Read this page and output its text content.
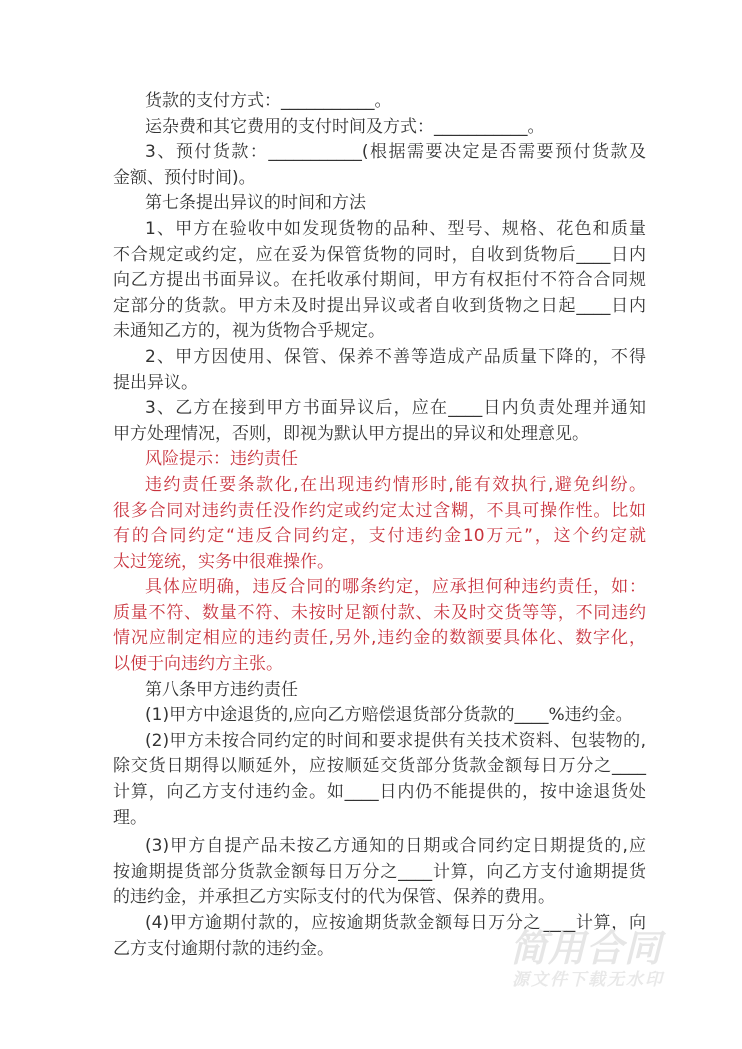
货款的支付方式：___________。
运杂费和其它费用的支付时间及方式：___________。
3、预付货款：___________(根据需要决定是否需要预付货款及
金额、预付时间)。
第七条提出异议的时间和方法
1、甲方在验收中如发现货物的品种、型号、规格、花色和质量
不合规定或约定，应在妥为保管货物的同时，自收到货物后____日内
向乙方提出书面异议。在托收承付期间，甲方有权拒付不符合合同规
定部分的货款。甲方未及时提出异议或者自收到货物之日起____日内
未通知乙方的，视为货物合乎规定。
2、甲方因使用、保管、保养不善等造成产品质量下降的，不得
提出异议。
3、乙方在接到甲方书面异议后，应在____日内负责处理并通知
甲方处理情况，否则，即视为默认甲方提出的异议和处理意见。
风险提示：违约责任
违约责任要条款化,在出现违约情形时,能有效执行,避免纠纷。
很多合同对违约责任没作约定或约定太过含糊，不具可操作性。比如
有的合同约定“违反合同约定，支付违约金10万元”，这个约定就
太过笼统，实务中很难操作。
具体应明确，违反合同的哪条约定，应承担何种违约责任，如：
质量不符、数量不符、未按时足额付款、未及时交货等等，不同违约
情况应制定相应的违约责任,另外,违约金的数额要具体化、数字化，
以便于向违约方主张。
第八条甲方违约责任
(1)甲方中途退货的,应向乙方赔偿退货部分货款的____%违约金。
(2)甲方未按合同约定的时间和要求提供有关技术资料、包装物的,
除交货日期得以顺延外，应按顺延交货部分货款金额每日万分之____
计算，向乙方支付违约金。如____日内仍不能提供的，按中途退货处
理。
(3)甲方自提产品未按乙方通知的日期或合同约定日期提货的,应
按逾期提货部分货款金额每日万分之____计算，向乙方支付逾期提货
的违约金，并承担乙方实际支付的代为保管、保养的费用。
(4)甲方逾期付款的，应按逾期货款金额每日万分之____计算，向
乙方支付逾期付款的违约金。	简用合同
源文件下载无水印
